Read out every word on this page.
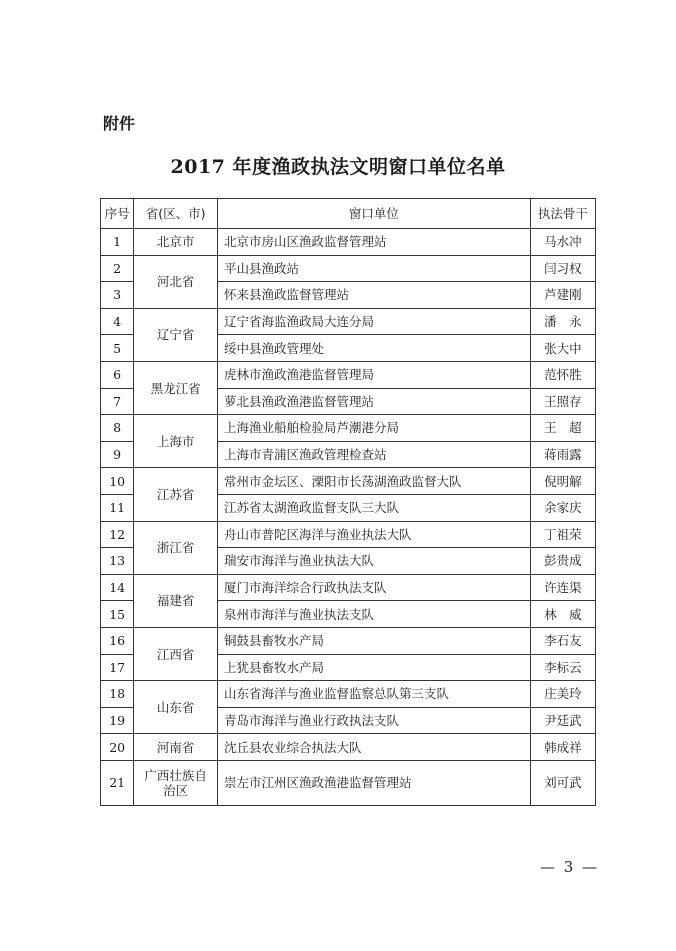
附件
2017 年度渔政执法文明窗口单位名单
序号	省(区、市)	窗口单位	执法骨干
1	北京市	北京市房山区渔政监督管理站	马水冲
2	河北省	平山县渔政站	闫习权
3		怀来县渔政监督管理站	芦建刚
4	辽宁省	辽宁省海监渔政局大连分局	潘　永
5		绥中县渔政管理处	张大中
6	黑龙江省	虎林市渔政渔港监督管理局	范怀胜
7		萝北县渔政渔港监督管理站	王照存
8	上海市	上海渔业船舶检验局芦潮港分局	王　超
9		上海市青浦区渔政管理检查站	蒋雨露
10	江苏省	常州市金坛区、溧阳市长荡湖渔政监督大队	倪明解
11		江苏省太湖渔政监督支队三大队	余家庆
12	浙江省	舟山市普陀区海洋与渔业执法大队	丁祖荣
13		瑞安市海洋与渔业执法大队	彭贵成
14	福建省	厦门市海洋综合行政执法支队	许连渠
15		泉州市海洋与渔业执法支队	林　威
16	江西省	铜鼓县畜牧水产局	李石友
17		上犹县畜牧水产局	李标云
18	山东省	山东省海洋与渔业监督监察总队第三支队	庄美玲
19		青岛市海洋与渔业行政执法支队	尹廷武
20	河南省	沈丘县农业综合执法大队	韩成祥
21	广西壮族自治区	崇左市江州区渔政渔港监督管理站	刘可武
— 3 —
